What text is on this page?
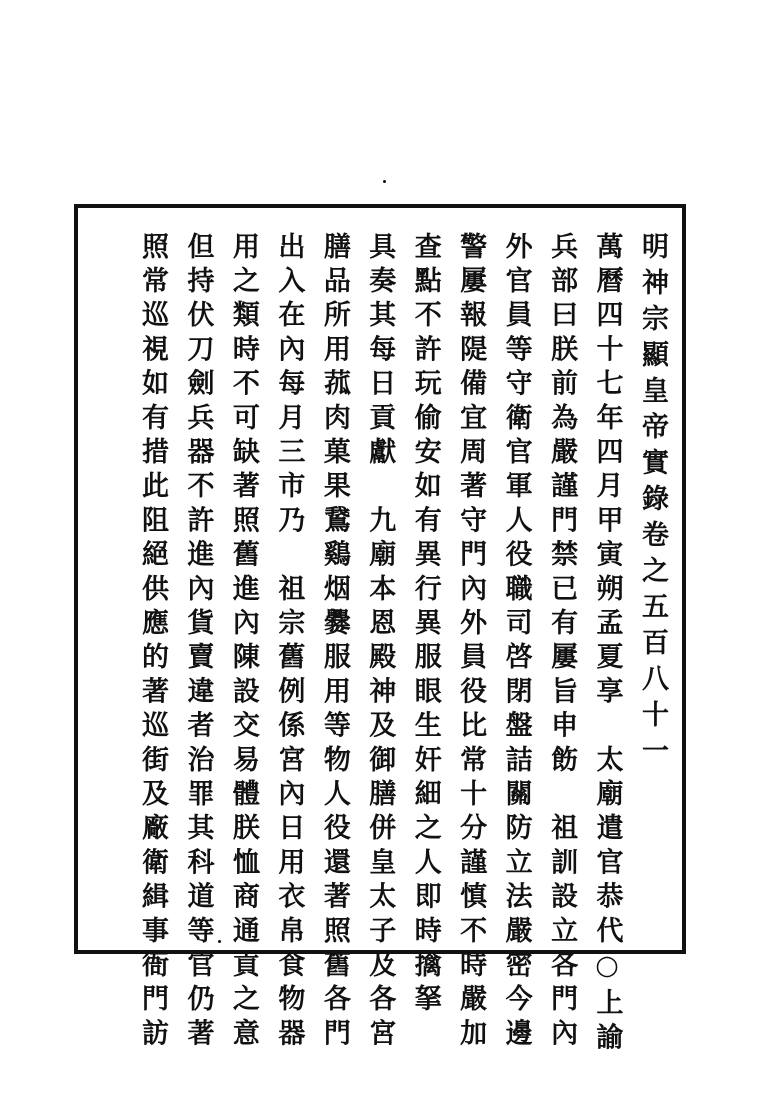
明神宗顯皇帝實錄卷之五百八十一
萬曆四十七年四月甲寅朔孟夏享　太廟遣官恭代○上諭
兵部曰朕前為嚴謹門禁已有屢旨申飭　祖訓設立各門內
外官員等守衛官軍人役職司啓閉盤詰關防立法嚴密今邊
警屢報隄備宜周著守門內外員役比常十分謹慎不時嚴加
查點不許玩偷安如有異行異服眼生奸細之人即時擒拏
具奏其每日貢獻　九廟本恩殿神及御膳併皇太子及各宮
膳品所用菰肉菓果鵞鷄烟爨服用等物人役還著照舊各門
出入在內每月三市乃　祖宗舊例係宮內日用衣帛食物器
用之類時不可缺著照舊進內陳設交易體朕恤商通貢之意
但持伏刀劍兵器不許進內貨賣違者治罪其科道等官仍著
照常巡視如有措此阻絕供應的著巡街及廠衛緝事衙門訪
